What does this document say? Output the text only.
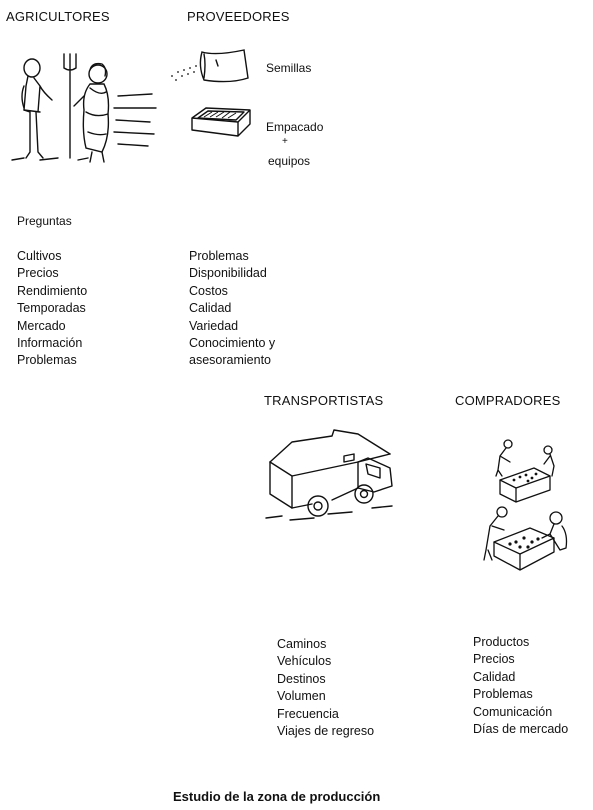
AGRICULTORES	PROVEEDORES
Semillas
Empacado
+
equipos
Preguntas
Cultivos
Precios
Rendimiento
Temporadas
Mercado
Información
Problemas
Problemas
Disponibilidad
Costos
Calidad
Variedad
Conocimiento y
asesoramiento
TRANSPORTISTAS	COMPRADORES
Caminos
Vehículos
Destinos
Volumen
Frecuencia
Viajes de regreso
Productos
Precios
Calidad
Problemas
Comunicación
Días de mercado
Estudio de la zona de producción
